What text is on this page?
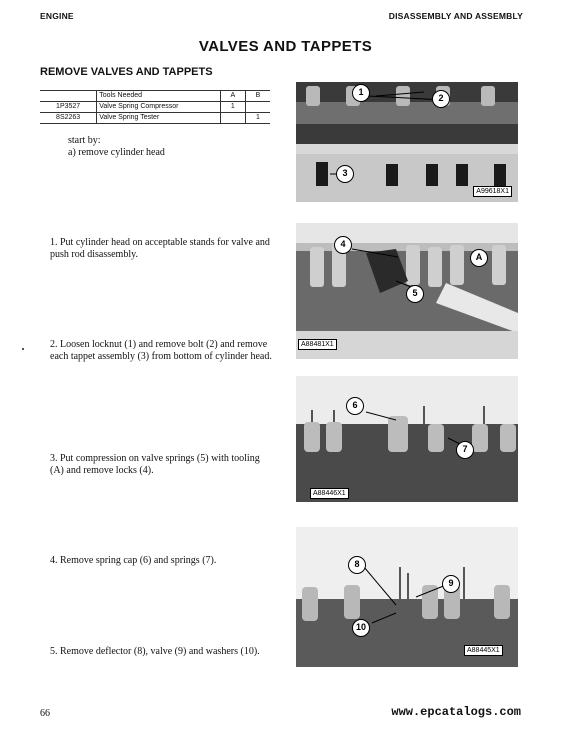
ENGINE	DISASSEMBLY AND ASSEMBLY
VALVES AND TAPPETS
REMOVE VALVES AND TAPPETS
	Tools Needed	A	B
1P3527	Valve Spring Compressor	1	
8S2263	Valve Spring Tester		1
start by:
a) remove cylinder head
1. Put cylinder head on acceptable stands for valve and push rod disassembly.
2. Loosen locknut (1) and remove bolt (2) and remove each tappet assembly (3) from bottom of cylinder head.
3. Put compression on valve springs (5) with tooling (A) and remove locks (4).
4. Remove spring cap (6) and springs (7).
5. Remove deflector (8), valve (9) and washers (10).
1
2
3
A99618X1
4
A
5
A88481X1
6
7
A88446X1
8
9
10
A88445X1
66	www.epcatalogs.com
